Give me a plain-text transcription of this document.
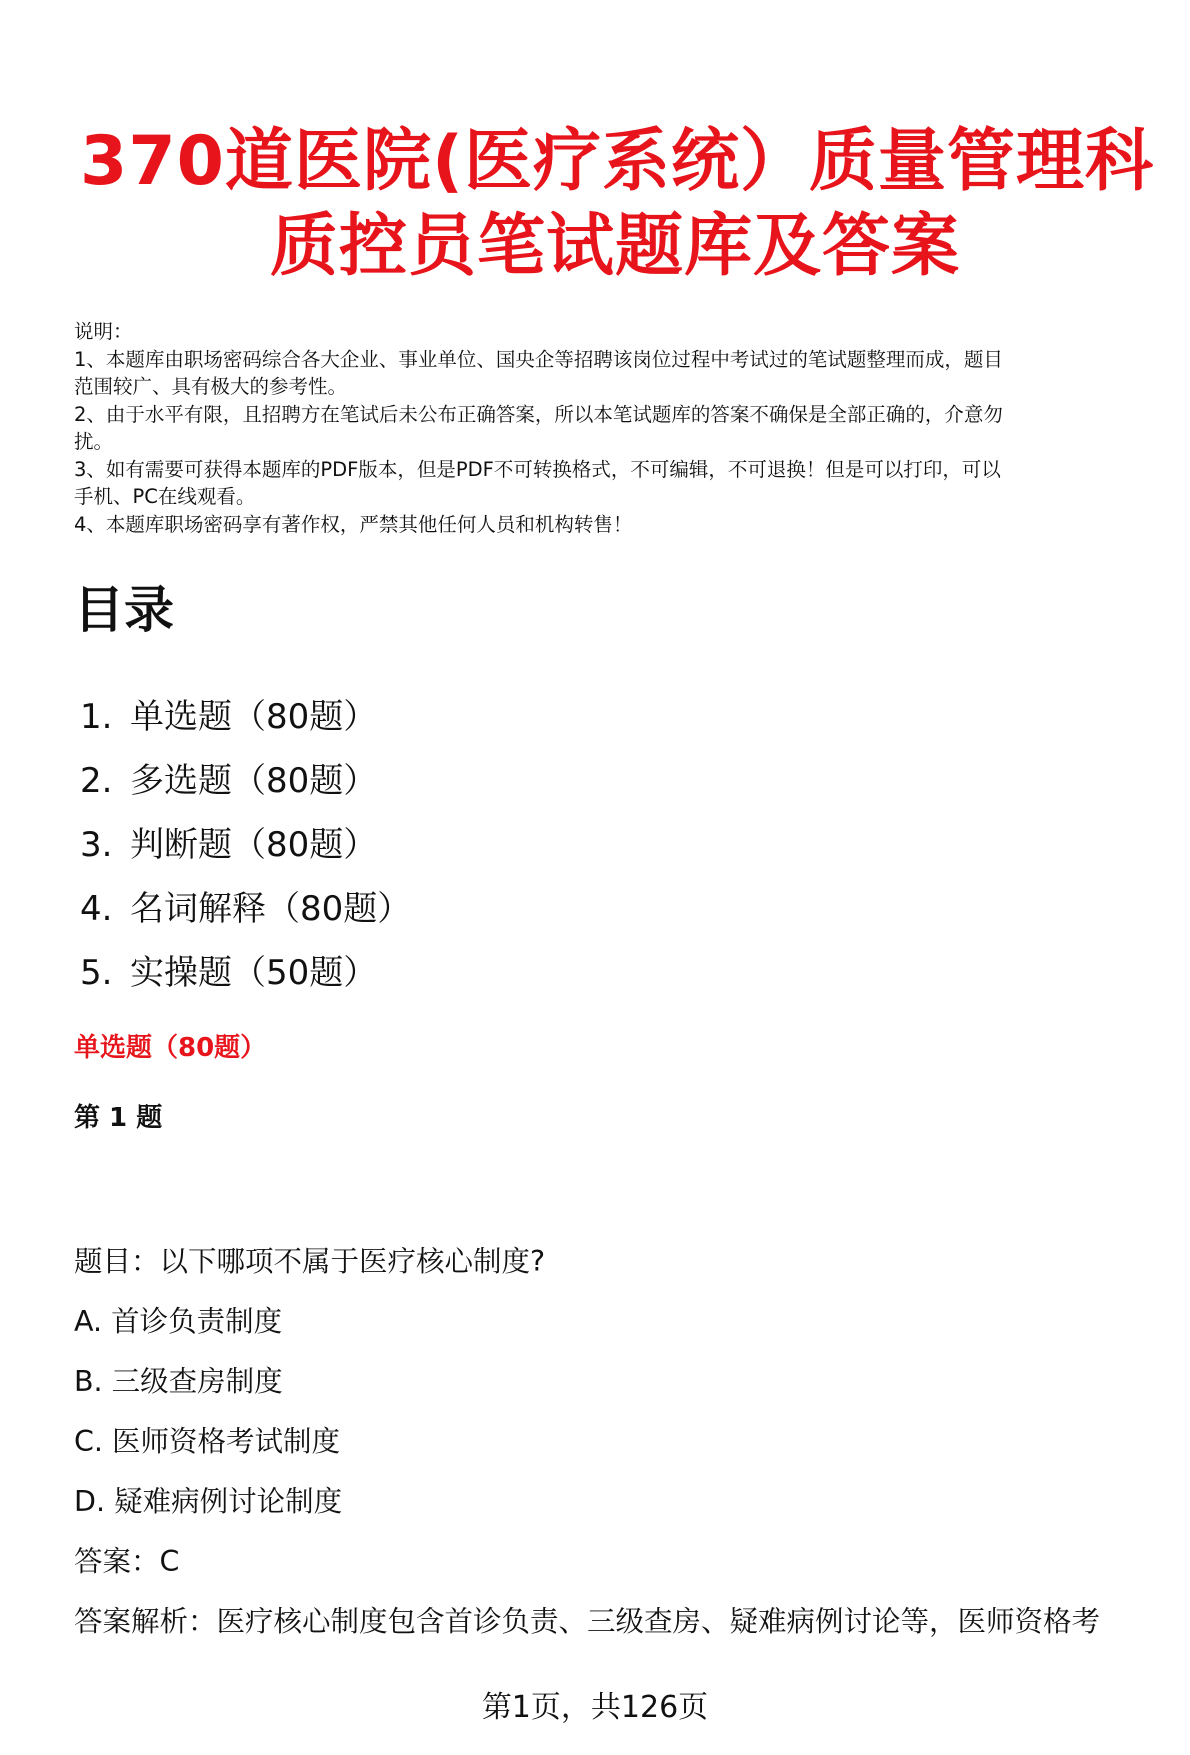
370道医院(医疗系统）质量管理科
质控员笔试题库及答案
说明：
1、本题库由职场密码综合各大企业、事业单位、国央企等招聘该岗位过程中考试过的笔试题整理而成，题目
范围较广、具有极大的参考性。
2、由于水平有限，且招聘方在笔试后未公布正确答案，所以本笔试题库的答案不确保是全部正确的，介意勿
扰。
3、如有需要可获得本题库的PDF版本，但是PDF不可转换格式，不可编辑，不可退换！但是可以打印，可以
手机、PC在线观看。
4、本题库职场密码享有著作权，严禁其他任何人员和机构转售！
目录
1. 单选题（80题）
2. 多选题（80题）
3. 判断题（80题）
4. 名词解释（80题）
5. 实操题（50题）
单选题（80题）
第 1 题
题目：以下哪项不属于医疗核心制度?
A. 首诊负责制度
B. 三级查房制度
C. 医师资格考试制度
D. 疑难病例讨论制度
答案：C
答案解析：医疗核心制度包含首诊负责、三级查房、疑难病例讨论等，医师资格考
第1页，共126页
